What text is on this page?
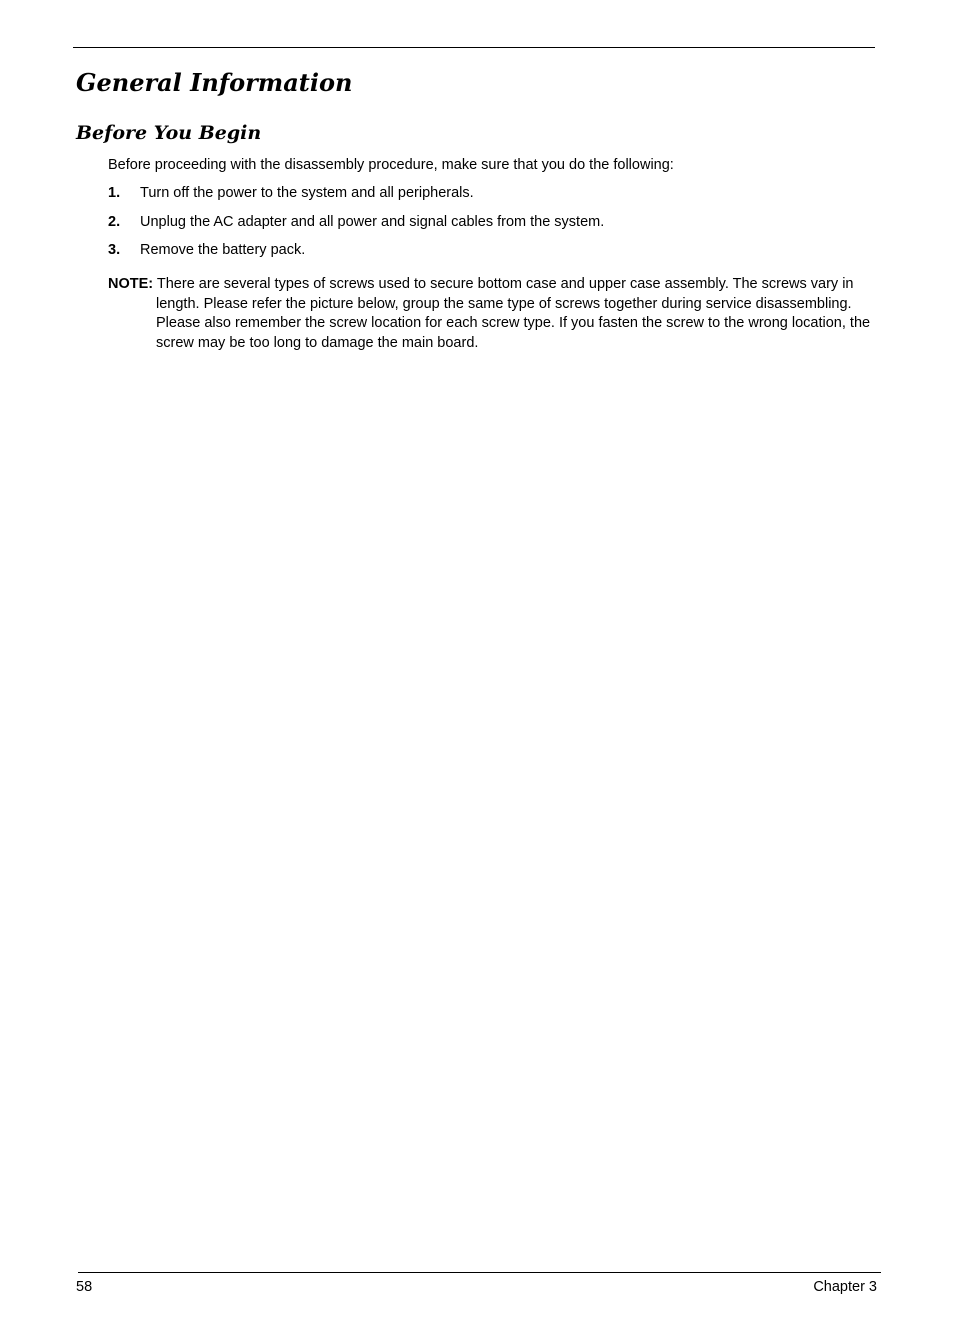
General Information
Before You Begin

Before proceeding with the disassembly procedure, make sure that you do the following:

1.	Turn off the power to the system and all peripherals.
2.	Unplug the AC adapter and all power and signal cables from the system.
3.	Remove the battery pack.

NOTE: There are several types of screws used to secure bottom case and upper case assembly. The screws vary in length. Please refer the picture below, group the same type of screws together during service disassembling. Please also remember the screw location for each screw type. If you fasten the screw to the wrong location, the screw may be too long to damage the main board.

58	Chapter 3
